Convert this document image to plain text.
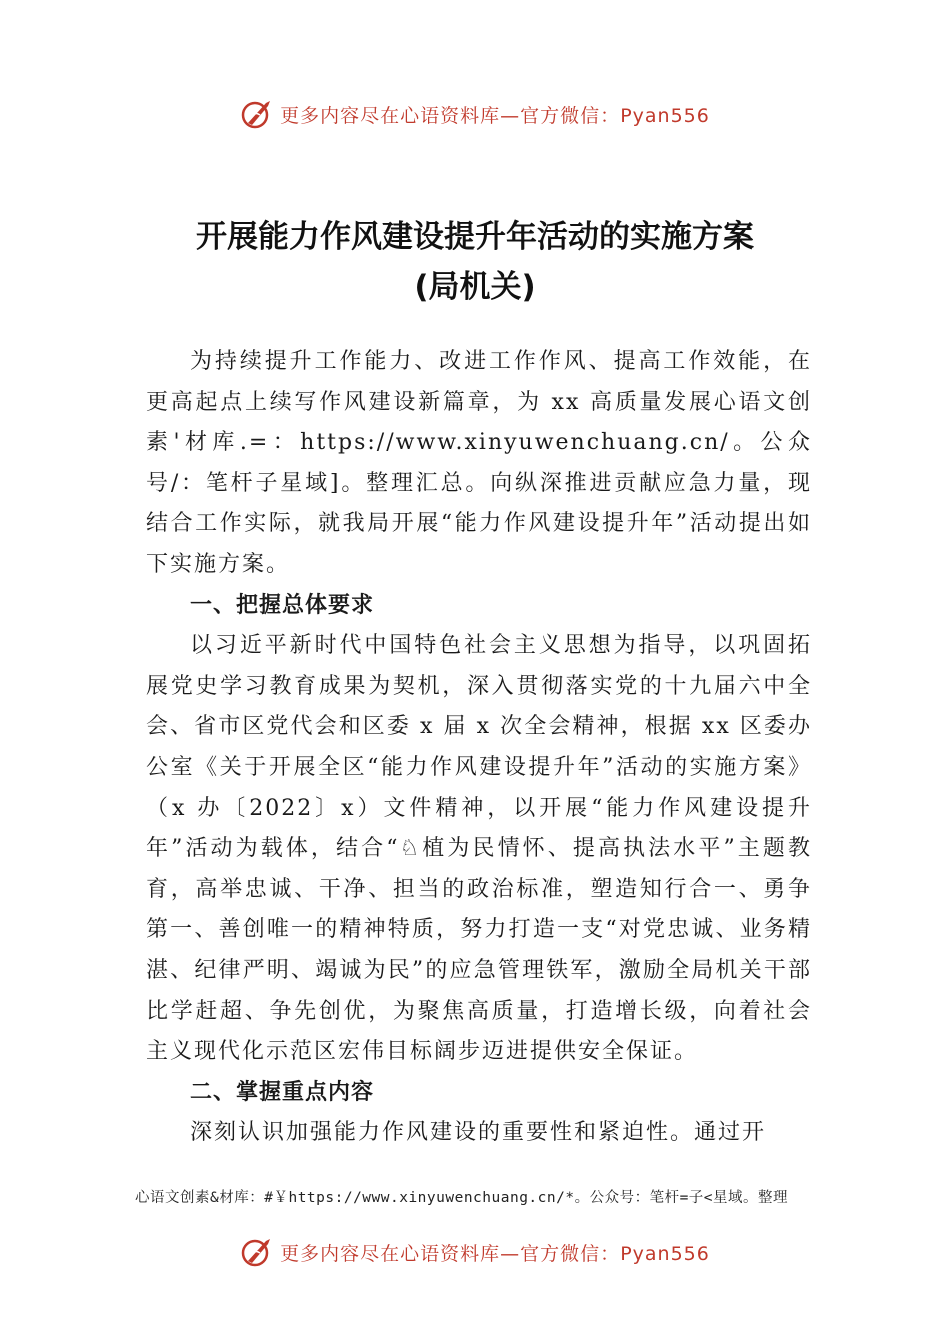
更多内容尽在心语资料库—官方微信：Pyan556
开展能力作风建设提升年活动的实施方案
(局机关)

为持续提升工作能力、改进工作作风、提高工作效能，在更高起点上续写作风建设新篇章，为 xx 高质量发展心语文创素'材库.=：https://www.xinyuwenchuang.cn/。公众号/：笔杆子星域]。整理汇总。向纵深推进贡献应急力量，现结合工作实际，就我局开展“能力作风建设提升年”活动提出如下实施方案。

一、把握总体要求

以习近平新时代中国特色社会主义思想为指导，以巩固拓展党史学习教育成果为契机，深入贯彻落实党的十九届六中全会、省市区党代会和区委 x 届 x 次全会精神，根据 xx 区委办公室《关于开展全区“能力作风建设提升年”活动的实施方案》（x 办〔2022〕x）文件精神，以开展“能力作风建设提升年”活动为载体，结合“♘植为民情怀、提高执法水平”主题教育，高举忠诚、干净、担当的政治标准，塑造知行合一、勇争第一、善创唯一的精神特质，努力打造一支“对党忠诚、业务精湛、纪律严明、竭诚为民”的应急管理铁军，激励全局机关干部比学赶超、争先创优，为聚焦高质量，打造增长级，向着社会主义现代化示范区宏伟目标阔步迈进提供安全保证。

二、掌握重点内容

深刻认识加强能力作风建设的重要性和紧迫性。通过开

心语文创素&材库：#￥https://www.xinyuwenchuang.cn/*。公众号：笔杆=子<星域。整理
更多内容尽在心语资料库—官方微信：Pyan556
